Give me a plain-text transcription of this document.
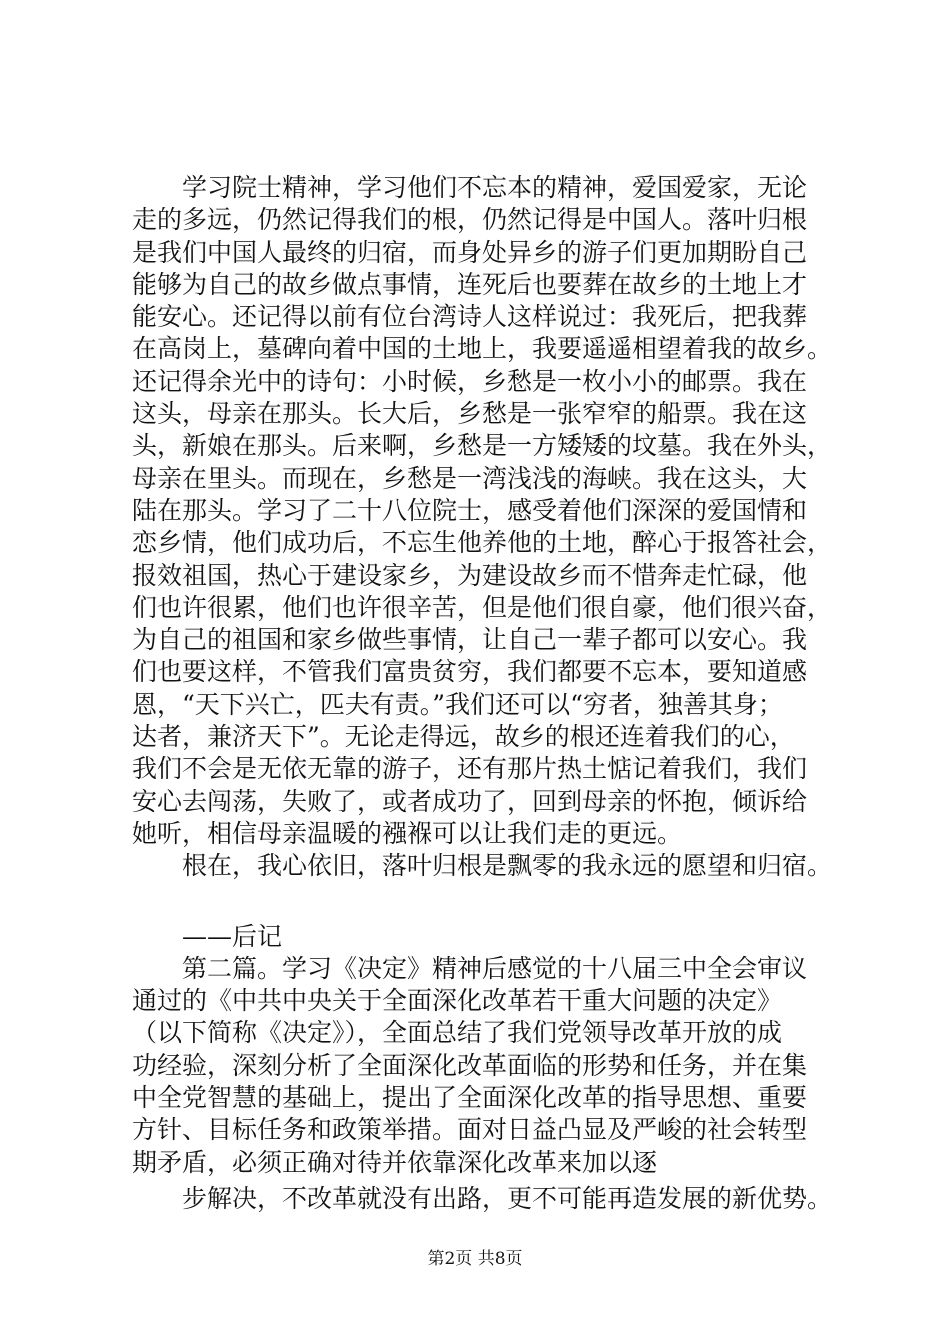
学习院士精神，学习他们不忘本的精神，爱国爱家，无论
走的多远，仍然记得我们的根，仍然记得是中国人。落叶归根
是我们中国人最终的归宿，而身处异乡的游子们更加期盼自己
能够为自己的故乡做点事情，连死后也要葬在故乡的土地上才
能安心。还记得以前有位台湾诗人这样说过：我死后，把我葬
在高岗上，墓碑向着中国的土地上，我要遥遥相望着我的故乡。
还记得余光中的诗句：小时候，乡愁是一枚小小的邮票。我在
这头，母亲在那头。长大后，乡愁是一张窄窄的船票。我在这
头，新娘在那头。后来啊，乡愁是一方矮矮的坟墓。我在外头，
母亲在里头。而现在，乡愁是一湾浅浅的海峡。我在这头，大
陆在那头。学习了二十八位院士，感受着他们深深的爱国情和
恋乡情，他们成功后，不忘生他养他的土地，醉心于报答社会，
报效祖国，热心于建设家乡，为建设故乡而不惜奔走忙碌，他
们也许很累，他们也许很辛苦，但是他们很自豪，他们很兴奋，
为自己的祖国和家乡做些事情，让自己一辈子都可以安心。我
们也要这样，不管我们富贵贫穷，我们都要不忘本，要知道感
恩，“天下兴亡，匹夫有责。”我们还可以“穷者，独善其身；
达者，兼济天下”。无论走得远，故乡的根还连着我们的心，
我们不会是无依无靠的游子，还有那片热土惦记着我们，我们
安心去闯荡，失败了，或者成功了，回到母亲的怀抱，倾诉给
她听，相信母亲温暖的襁褓可以让我们走的更远。
根在，我心依旧，落叶归根是飘零的我永远的愿望和归宿。
——后记
第二篇。学习《决定》精神后感觉的十八届三中全会审议
通过的《中共中央关于全面深化改革若干重大问题的决定》
（以下简称《决定》），全面总结了我们党领导改革开放的成
功经验，深刻分析了全面深化改革面临的形势和任务，并在集
中全党智慧的基础上，提出了全面深化改革的指导思想、重要
方针、目标任务和政策举措。面对日益凸显及严峻的社会转型
期矛盾，必须正确对待并依靠深化改革来加以逐
步解决，不改革就没有出路，更不可能再造发展的新优势。
第2页 共8页
